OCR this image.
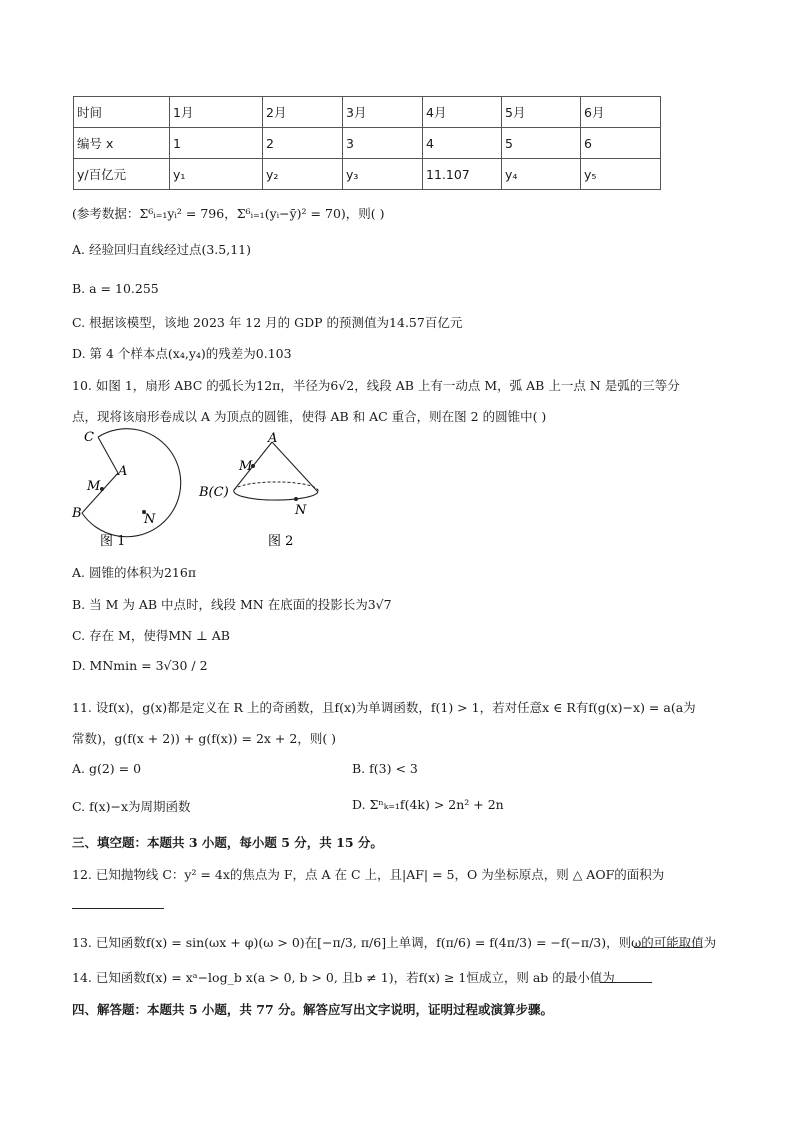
时间	1月	2月	3月	4月	5月	6月
编号 x	1	2	3	4	5	6
y/百亿元	y₁	y₂	y₃	11.107	y₄	y₅
(参考数据：Σ⁶ᵢ₌₁yᵢ² = 796，Σ⁶ᵢ₌₁(yᵢ−ȳ)² = 70)，则( )
A. 经验回归直线经过点(3.5,11)
B. a = 10.255
C. 根据该模型，该地 2023 年 12 月的 GDP 的预测值为14.57百亿元
D. 第 4 个样本点(x₄,y₄)的残差为0.103
10. 如图 1，扇形 ABC 的弧长为12π，半径为6√2，线段 AB 上有一动点 M，弧 AB 上一点 N 是弧的三等分
点，现将该扇形卷成以 A 为顶点的圆锥，使得 AB 和 AC 重合，则在图 2 的圆锥中( )
C
A
M
B	N
图 1
A
M
B(C)
N
图 2
A. 圆锥的体积为216π
B. 当 M 为 AB 中点时，线段 MN 在底面的投影长为3√7
C. 存在 M，使得MN ⊥ AB
D. MNmin = 3√30 / 2
11. 设f(x)，g(x)都是定义在 R 上的奇函数，且f(x)为单调函数，f(1) > 1，若对任意x ∈ R有f(g(x)−x) = a(a为
常数)，g(f(x + 2)) + g(f(x)) = 2x + 2，则( )
A. g(2) = 0	B. f(3) < 3
C. f(x)−x为周期函数	D. Σⁿₖ₌₁f(4k) > 2n² + 2n
三、填空题：本题共 3 小题，每小题 5 分，共 15 分。
12. 已知抛物线 C：y² = 4x的焦点为 F，点 A 在 C 上，且|AF| = 5，O 为坐标原点，则 △ AOF的面积为
13. 已知函数f(x) = sin(ωx + φ)(ω > 0)在[−π/3, π/6]上单调，f(π/6) = f(4π/3) = −f(−π/3)，则ω的可能取值为
14. 已知函数f(x) = xᵃ−log_b x(a > 0, b > 0, 且b ≠ 1)，若f(x) ≥ 1恒成立，则 ab 的最小值为
四、解答题：本题共 5 小题，共 77 分。解答应写出文字说明，证明过程或演算步骤。
